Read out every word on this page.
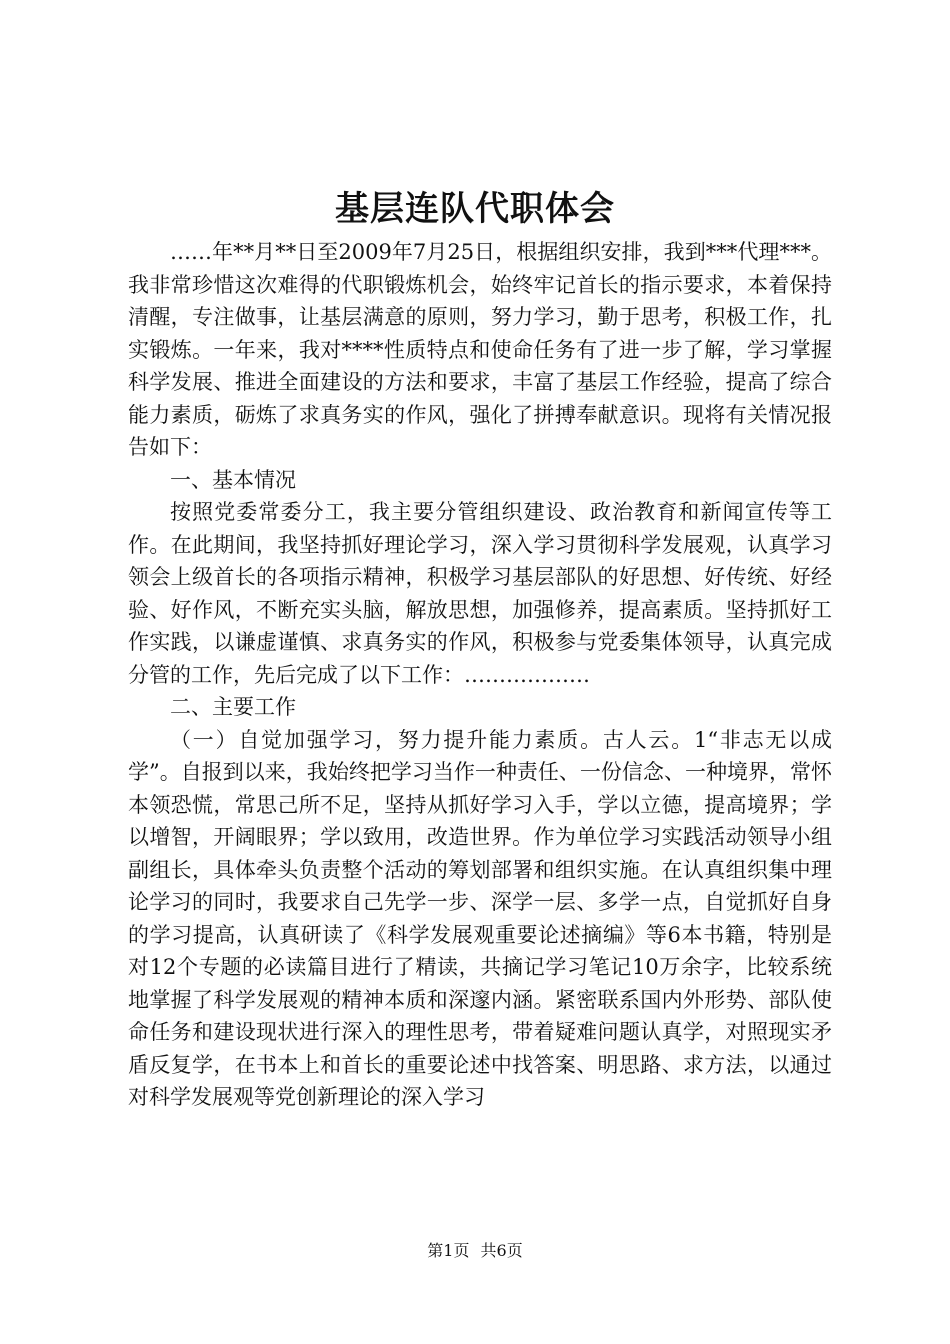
基层连队代职体会

……年**月**日至2009年7月25日，根据组织安排，我到***代理***。我非常珍惜这次难得的代职锻炼机会，始终牢记首长的指示要求，本着保持清醒，专注做事，让基层满意的原则，努力学习，勤于思考，积极工作，扎实锻炼。一年来，我对****性质特点和使命任务有了进一步了解，学习掌握科学发展、推进全面建设的方法和要求，丰富了基层工作经验，提高了综合能力素质，砺炼了求真务实的作风，强化了拼搏奉献意识。现将有关情况报告如下：

一、基本情况

按照党委常委分工，我主要分管组织建设、政治教育和新闻宣传等工作。在此期间，我坚持抓好理论学习，深入学习贯彻科学发展观，认真学习领会上级首长的各项指示精神，积极学习基层部队的好思想、好传统、好经验、好作风，不断充实头脑，解放思想，加强修养，提高素质。坚持抓好工作实践，以谦虚谨慎、求真务实的作风，积极参与党委集体领导，认真完成分管的工作，先后完成了以下工作：………………

二、主要工作

（一）自觉加强学习，努力提升能力素质。古人云。1“非志无以成学”。自报到以来，我始终把学习当作一种责任、一份信念、一种境界，常怀本领恐慌，常思己所不足，坚持从抓好学习入手，学以立德，提高境界；学以增智，开阔眼界；学以致用，改造世界。作为单位学习实践活动领导小组副组长，具体牵头负责整个活动的筹划部署和组织实施。在认真组织集中理论学习的同时，我要求自己先学一步、深学一层、多学一点，自觉抓好自身的学习提高，认真研读了《科学发展观重要论述摘编》等6本书籍，特别是对12个专题的必读篇目进行了精读，共摘记学习笔记10万余字，比较系统地掌握了科学发展观的精神本质和深邃内涵。紧密联系国内外形势、部队使命任务和建设现状进行深入的理性思考，带着疑难问题认真学，对照现实矛盾反复学，在书本上和首长的重要论述中找答案、明思路、求方法，以通过对科学发展观等党创新理论的深入学习

第1页 共6页
